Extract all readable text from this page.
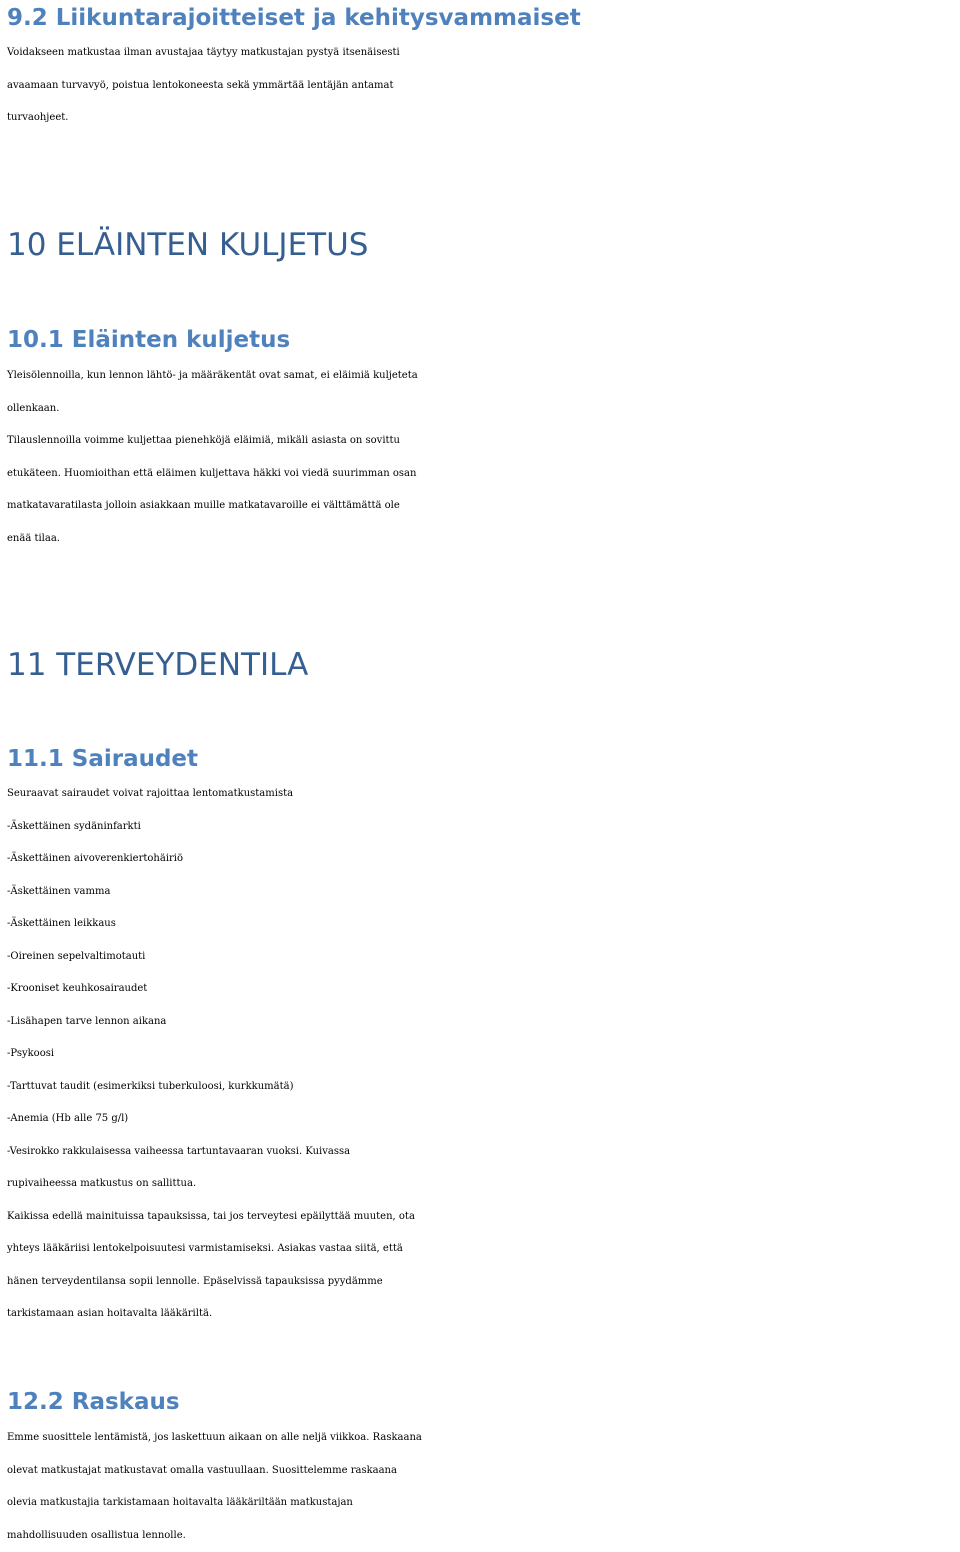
9.2 Liikuntarajoitteiset ja kehitysvammaiset
Voidakseen matkustaa ilman avustajaa täytyy matkustajan pystyä itsenäisesti
avaamaan turvavyö, poistua lentokoneesta sekä ymmärtää lentäjän antamat
turvaohjeet.
10 ELÄINTEN KULJETUS
10.1 Eläinten kuljetus
Yleisölennoilla, kun lennon lähtö- ja määräkentät ovat samat, ei eläimiä kuljeteta
ollenkaan.
Tilauslennoilla voimme kuljettaa pienehköjä eläimiä, mikäli asiasta on sovittu
etukäteen. Huomioithan että eläimen kuljettava häkki voi viedä suurimman osan
matkatavaratilasta jolloin asiakkaan muille matkatavaroille ei välttämättä ole
enää tilaa.
11 TERVEYDENTILA
11.1 Sairaudet
Seuraavat sairaudet voivat rajoittaa lentomatkustamista
-Äskettäinen sydäninfarkti
-Äskettäinen aivoverenkiertohäiriö
-Äskettäinen vamma
-Äskettäinen leikkaus
-Oireinen sepelvaltimotauti
-Krooniset keuhkosairaudet
-Lisähapen tarve lennon aikana
-Psykoosi
-Tarttuvat taudit (esimerkiksi tuberkuloosi, kurkkumätä)
-Anemia (Hb alle 75 g/l)
-Vesirokko rakkulaisessa vaiheessa tartuntavaaran vuoksi. Kuivassa
rupivaiheessa matkustus on sallittua.
Kaikissa edellä mainituissa tapauksissa, tai jos terveytesi epäilyttää muuten, ota
yhteys lääkäriisi lentokelpoisuutesi varmistamiseksi. Asiakas vastaa siitä, että
hänen terveydentilansa sopii lennolle. Epäselvissä tapauksissa pyydämme
tarkistamaan asian hoitavalta lääkäriltä.
12.2 Raskaus
Emme suosittele lentämistä, jos laskettuun aikaan on alle neljä viikkoa. Raskaana
olevat matkustajat matkustavat omalla vastuullaan. Suosittelemme raskaana
olevia matkustajia tarkistamaan hoitavalta lääkäriltään matkustajan
mahdollisuuden osallistua lennolle.
